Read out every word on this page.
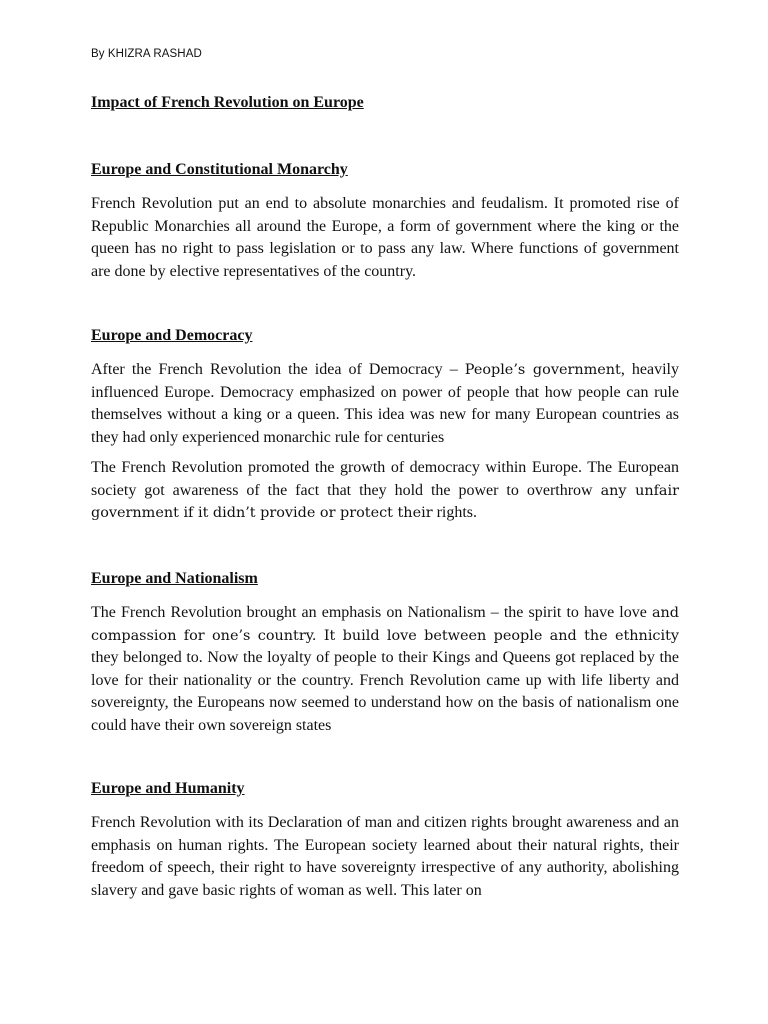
By KHIZRA RASHAD
Impact of French Revolution on Europe
Europe and Constitutional Monarchy

French Revolution put an end to absolute monarchies and feudalism. It promoted rise of Republic Monarchies all around the Europe, a form of government where the king or the queen has no right to pass legislation or to pass any law. Where functions of government are done by elective representatives of the country.

Europe and Democracy

After the French Revolution the idea of Democracy – People’s government, heavily influenced Europe. Democracy emphasized on power of people that how people can rule themselves without a king or a queen. This idea was new for many European countries as they had only experienced monarchic rule for centuries

The French Revolution promoted the growth of democracy within Europe. The European society got awareness of the fact that they hold the power to overthrow any unfair government if it didn’t provide or protect their rights.

Europe and Nationalism

The French Revolution brought an emphasis on Nationalism – the spirit to have love and compassion for one’s country. It build love between people and the ethnicity they belonged to. Now the loyalty of people to their Kings and Queens got replaced by the love for their nationality or the country. French Revolution came up with life liberty and sovereignty, the Europeans now seemed to understand how on the basis of nationalism one could have their own sovereign states

Europe and Humanity

French Revolution with its Declaration of man and citizen rights brought awareness and an emphasis on human rights. The European society learned about their natural rights, their freedom of speech, their right to have sovereignty irrespective of any authority, abolishing slavery and gave basic rights of woman as well. This later on
